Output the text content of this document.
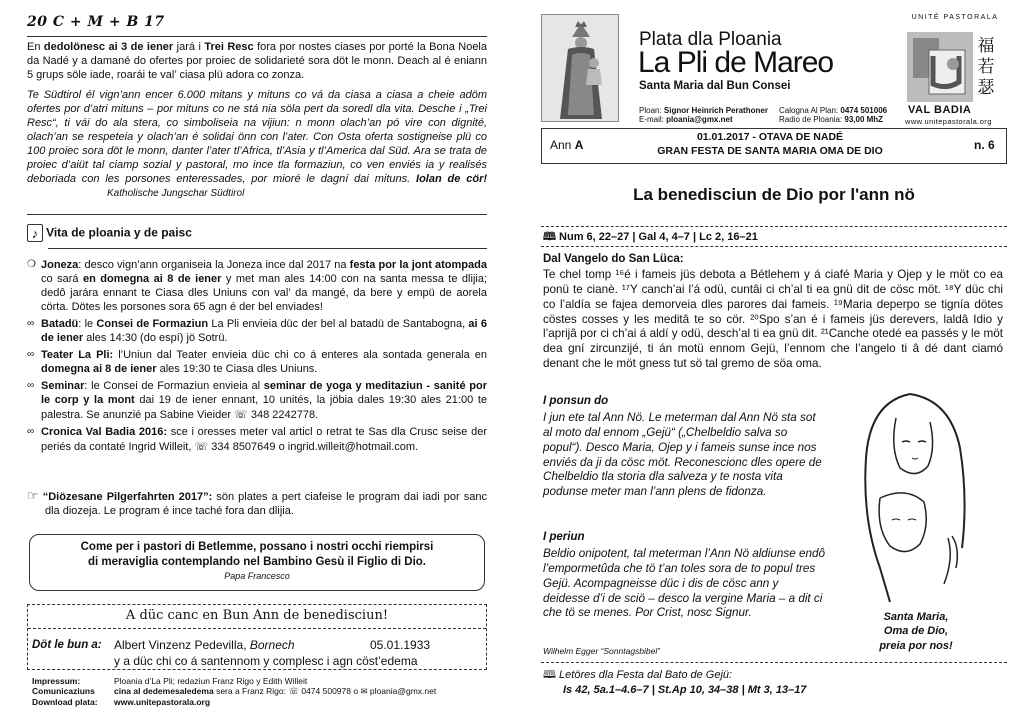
20 C + M + B 17
En dedolönesc ai 3 de iener jará i Trei Resc fora por nostes ciases por porté la Bona Noela da Nadé y a damané do ofertes por proiec de solidarieté sora döt le monn. Deach al é eniann 5 grups söle iade, roarái te val’ ciasa plü adora co zonza.
Te Südtirol él vign’ann encer 6.000 mitans y mituns co vá da ciasa a ciasa a cheie adöm ofertes por d’atri mituns – por mituns co ne stá nia söla pert da soredl dla vita. Desche i „Trei Resc“, ti vái do ala stera, co simboliseia na vijiun: n monn olach’an pó vire con dignité, olach’an se respeteia y olach’an é solidai önn con l’ater. Con Osta oferta sostigneise plü co 100 proiec sora döt le monn, danter l’ater tl’Africa, tl’Asia y tl’America dal Süd. Ara se trata de proiec d’aiüt tal ciamp sozial y pastoral, mo ince tla formaziun, co ven enviés ia y realisés deboriada con les porsones enteressades, por mioré le dagní dai mituns. Iolan de cör! Katholische Jungschar Südtirol
♪ Vita de ploania y de paisc
❍ Joneza: desco vign’ann organiseia la Joneza ince dal 2017 na festa por la jont atompada co sará en domegna ai 8 de iener y met man ales 14:00 con na santa messa te dlijia; dedô jarára ennant te Ciasa dles Uniuns con val’ da mangé, da bere y empü de aorela cörta. Dötes les porsones sora 65 agn é der bel enviades!
∞ Batadü: le Consei de Formaziun La Pli envieia düc der bel al batadü de Santabogna, ai 6 de iener ales 14:30 (do espí) jö Sotrü.
∞ Teater La Pli: l’Uniun dal Teater envieia düc chi co á enteres ala sontada generala en domegna ai 8 de iener ales 19:30 te Ciasa dles Uniuns.
∞ Seminar: le Consei de Formaziun envieia al seminar de yoga y meditaziun - sanité por le corp y la mont dai 19 de iener ennant, 10 unités, la jöbia dales 19:30 ales 21:00 te palestra. Se anunzié pa Sabine Vieider ☏ 348 2242778.
∞ Cronica Val Badia 2016: sce i oresses meter val articl o retrat te Sas dla Crusc seise der periés da contaté Ingrid Willeit, ☏ 334 8507649 o ingrid.willeit@hotmail.com.
☞ “Diözesane Pilgerfahrten 2017”: sön plates a pert ciafeise le program dai iadi por sanc dla diozeja. Le program é ince taché fora dan dlijia.
Come per i pastori di Betlemme, possano i nostri occhi riempirsi
di meraviglia contemplando nel Bambino Gesù il Figlio di Dio.
Papa Francesco
A düc canc en Bun Ann de benedisciun!
Döt le bun a: Albert Vinzenz Pedevilla, Bornech	05.01.1933
y a düc chi co á santennom y complesc i agn cöst’edema
Impressum:	Ploania d’La Pli; redaziun Franz Rigo y Edith Willeit
Comunicaziuns cina al dedemesaledema sera a Franz Rigo: ☏ 0474 500978 o ✉ ploania@gmx.net
Download plata: www.unitepastorala.org
Plata dla Ploania
La Pli de Mareo
Santa Maria dal Bun Consei
Ploan: Signor Heinrich Perathoner
E-mail: ploania@gmx.net
Calogna Al Plan: 0474 501006
Radio de Ploania: 93,00 MhZ
UNITÉ PASTORALA
福 若 瑟
VAL BADIA
www.unitepastorala.org
Ann A
01.01.2017 - OTAVA DE NADÉ
GRAN FESTA DE SANTA MARIA OMA DE DIO	n. 6
La benedisciun de Dio por l'ann nö
🕮 Num 6, 22–27 | Gal 4, 4–7 | Lc 2, 16–21
Dal Vangelo do San Lüca:
Te chel tomp ¹⁶é i fameis jüs debota a Bétlehem y á ciafé Maria y Ojep y le möt co ea ponü te cianè. ¹⁷Y canch’ai l’á odü, cuntâi ci ch’al ti ea gnü dit de cösc möt. ¹⁸Y düc chi co l’aldía se fajea demorveia dles parores dai fameis. ¹⁹Maria deperpo se tignía dötes cöstes cosses y les meditâ te so cör. ²⁰Spo s’an é i fameis jüs derevers, laldâ Idio y l’aprijâ por ci ch’ai á aldí y odü, desch’al ti ea gnü dit. ²¹Canche otedé ea passés y le möt dea gní zircunzijé, ti án motü ennom Gejü, l’ennom che l’angelo ti â dé dant ciamó denant che le möt gness tut sö tal gremo de söa oma.
I ponsun do
I jun ete tal Ann Nö. Le meterman dal Ann Nö sta sot al moto dal ennom „Gejü“ („Chelbeldio salva so popul“). Desco Maria, Ojep y i fameis sunse ince nos enviés da ji da cösc möt. Reconescionc dles opere de Chelbeldio tla storia dla salveza y te nosta vita podunse meter man l’ann plens de fidonza.
I periun
Beldio onipotent, tal meterman l’Ann Nö aldiunse endô l’empormetûda che tö t’an toles sora de to popul tres Gejü. Acompagneisse düc i dis de cösc ann y deidesse d’i de sciö – desco la vergine Maria – a dit ci che tö se menes. Por Crist, nosc Signur.
Wilhelm Egger “Sonntagsbibel”
Santa Maria,
Oma de Dio,
preia por nos!
🕮 Letöres dla Festa dal Bato de Gejü:
Is 42, 5a.1–4.6–7 | St.Ap 10, 34–38 | Mt 3, 13–17
